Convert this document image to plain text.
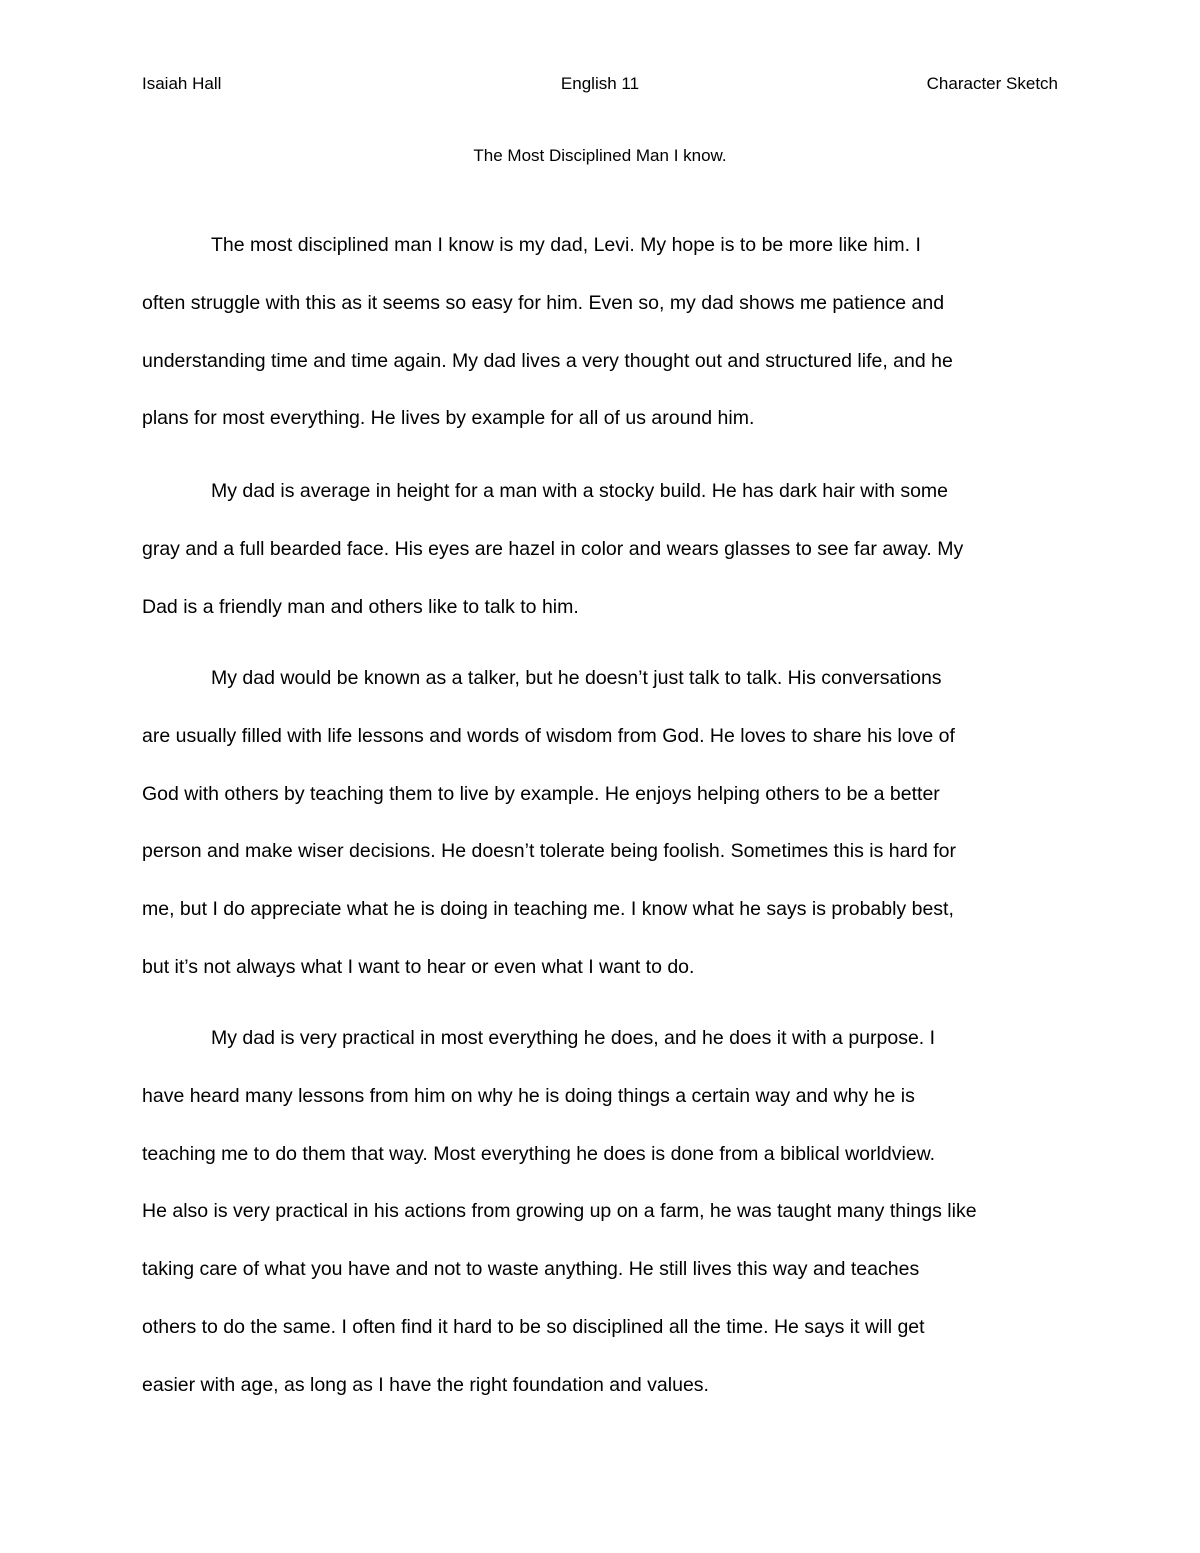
Isaiah Hall	English 11	Character Sketch
The Most Disciplined Man I know.
The most disciplined man I know is my dad, Levi. My hope is to be more like him. I
often struggle with this as it seems so easy for him. Even so, my dad shows me patience and
understanding time and time again. My dad lives a very thought out and structured life, and he
plans for most everything. He lives by example for all of us around him.
My dad is average in height for a man with a stocky build. He has dark hair with some
gray and a full bearded face. His eyes are hazel in color and wears glasses to see far away. My
Dad is a friendly man and others like to talk to him.
My dad would be known as a talker, but he doesn’t just talk to talk. His conversations
are usually filled with life lessons and words of wisdom from God. He loves to share his love of
God with others by teaching them to live by example. He enjoys helping others to be a better
person and make wiser decisions. He doesn’t tolerate being foolish. Sometimes this is hard for
me, but I do appreciate what he is doing in teaching me. I know what he says is probably best,
but it’s not always what I want to hear or even what I want to do.
My dad is very practical in most everything he does, and he does it with a purpose. I
have heard many lessons from him on why he is doing things a certain way and why he is
teaching me to do them that way. Most everything he does is done from a biblical worldview.
He also is very practical in his actions from growing up on a farm, he was taught many things like
taking care of what you have and not to waste anything. He still lives this way and teaches
others to do the same. I often find it hard to be so disciplined all the time. He says it will get
easier with age, as long as I have the right foundation and values.
